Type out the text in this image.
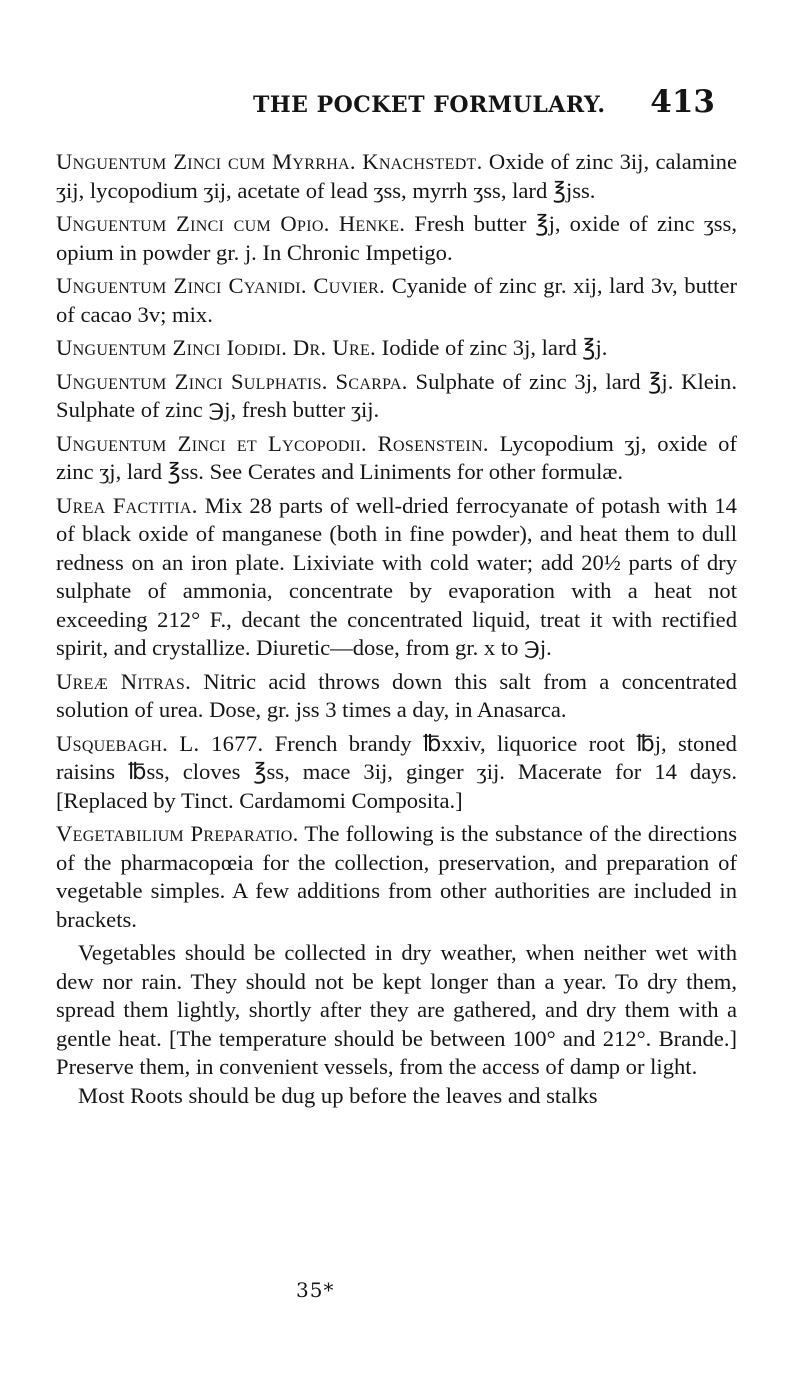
THE POCKET FORMULARY. 413

Unguentum Zinci cum Myrrha. Knachstedt. Oxide of zinc 3ij, calamine ʒij, lycopodium ʒij, acetate of lead ʒss, myrrh ʒss, lard ℥jss.

Unguentum Zinci cum Opio. Henke. Fresh butter ℥j, oxide of zinc ʒss, opium in powder gr. j. In Chronic Impetigo.

Unguentum Zinci Cyanidi. Cuvier. Cyanide of zinc gr. xij, lard 3v, butter of cacao 3v; mix.

Unguentum Zinci Iodidi. Dr. Ure. Iodide of zinc 3j, lard ℥j.

Unguentum Zinci Sulphatis. Scarpa. Sulphate of zinc 3j, lard ℥j. Klein. Sulphate of zinc ℈j, fresh butter ʒij.

Unguentum Zinci et Lycopodii. Rosenstein. Lycopodium ʒj, oxide of zinc ʒj, lard ℥ss. See Cerates and Liniments for other formulæ.

Urea Factitia. Mix 28 parts of well-dried ferrocyanate of potash with 14 of black oxide of manganese (both in fine powder), and heat them to dull redness on an iron plate. Lixiviate with cold water; add 20½ parts of dry sulphate of ammonia, concentrate by evaporation with a heat not exceeding 212° F., decant the concentrated liquid, treat it with rectified spirit, and crystallize. Diuretic—dose, from gr. x to ℈j.

Ureæ Nitras. Nitric acid throws down this salt from a concentrated solution of urea. Dose, gr. jss 3 times a day, in Anasarca.

Usquebagh. L. 1677. French brandy ℔xxiv, liquorice root ℔j, stoned raisins ℔ss, cloves ℥ss, mace 3ij, ginger ʒij. Macerate for 14 days. [Replaced by Tinct. Cardamomi Composita.]

Vegetabilium Preparatio. The following is the substance of the directions of the pharmacopœia for the collection, preservation, and preparation of vegetable simples. A few additions from other authorities are included in brackets.

Vegetables should be collected in dry weather, when neither wet with dew nor rain. They should not be kept longer than a year. To dry them, spread them lightly, shortly after they are gathered, and dry them with a gentle heat. [The temperature should be between 100° and 212°. Brande.] Preserve them, in convenient vessels, from the access of damp or light.

Most Roots should be dug up before the leaves and stalks

35*
